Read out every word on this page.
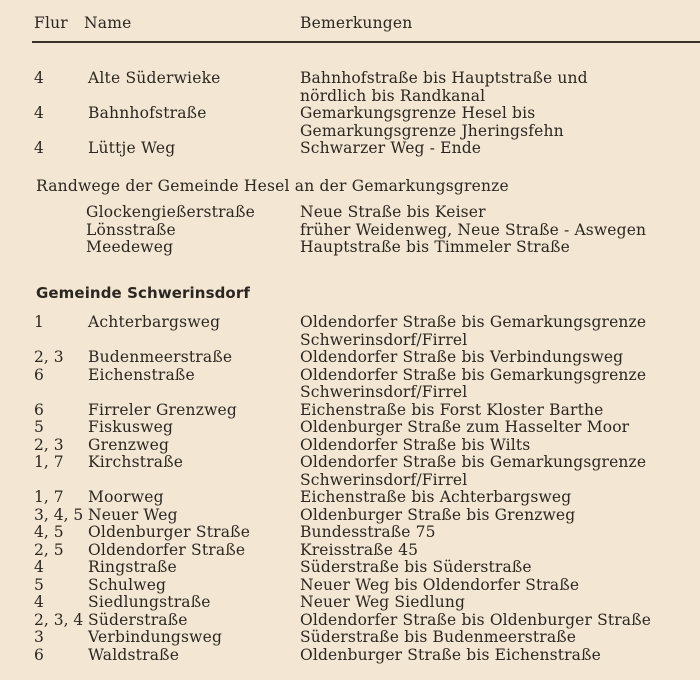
Flur Name	Bemerkungen
4	Alte Süderwieke	Bahnhofstraße bis Hauptstraße und
nördlich bis Randkanal
4	Bahnhofstraße	Gemarkungsgrenze Hesel bis
Gemarkungsgrenze Jheringsfehn
4	Lüttje Weg	Schwarzer Weg - Ende
Randwege der Gemeinde Hesel an der Gemarkungsgrenze
Glockengießerstraße	Neue Straße bis Keiser
Lönsstraße	früher Weidenweg, Neue Straße - Aswegen
Meedeweg	Hauptstraße bis Timmeler Straße
Gemeinde Schwerinsdorf
1	Achterbargsweg	Oldendorfer Straße bis Gemarkungsgrenze
Schwerinsdorf/Firrel
2, 3	Budenmeerstraße	Oldendorfer Straße bis Verbindungsweg
6	Eichenstraße	Oldendorfer Straße bis Gemarkungsgrenze
Schwerinsdorf/Firrel
6	Firreler Grenzweg	Eichenstraße bis Forst Kloster Barthe
5	Fiskusweg	Oldenburger Straße zum Hasselter Moor
2, 3	Grenzweg	Oldendorfer Straße bis Wilts
1, 7	Kirchstraße	Oldendorfer Straße bis Gemarkungsgrenze
Schwerinsdorf/Firrel
1, 7	Moorweg	Eichenstraße bis Achterbargsweg
3, 4, 5 Neuer Weg	Oldenburger Straße bis Grenzweg
4, 5	Oldenburger Straße	Bundesstraße 75
2, 5	Oldendorfer Straße	Kreisstraße 45
4	Ringstraße	Süderstraße bis Süderstraße
5	Schulweg	Neuer Weg bis Oldendorfer Straße
4	Siedlungstraße	Neuer Weg Siedlung
2, 3, 4 Süderstraße	Oldendorfer Straße bis Oldenburger Straße
3	Verbindungsweg	Süderstraße bis Budenmeerstraße
6	Waldstraße	Oldenburger Straße bis Eichenstraße
